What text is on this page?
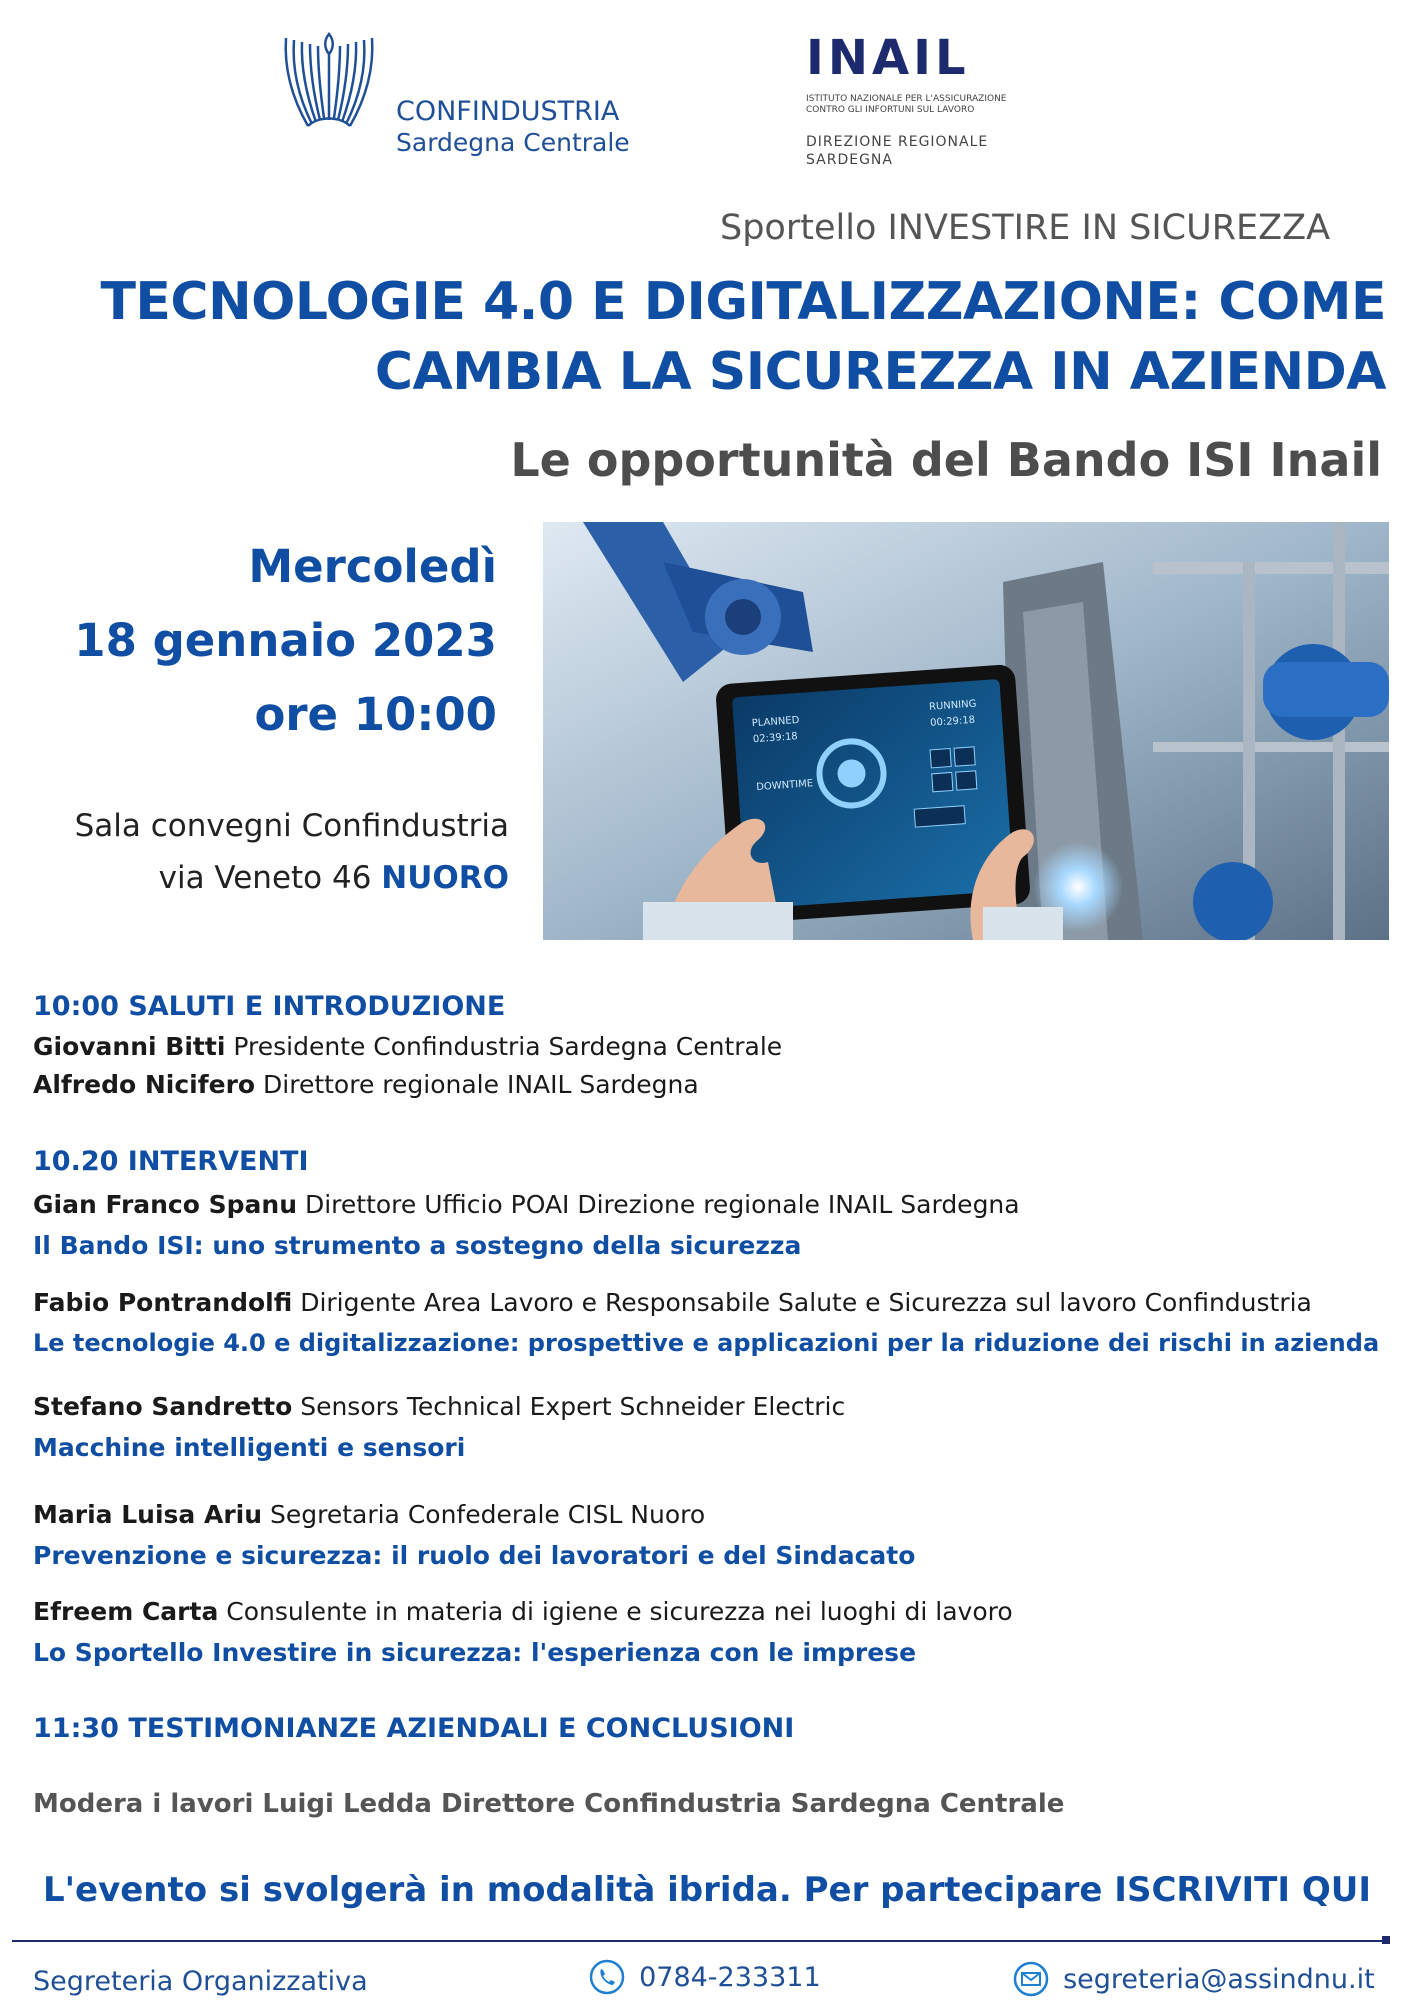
CONFINDUSTRIA
Sardegna Centrale
INAIL
ISTITUTO NAZIONALE PER L'ASSICURAZIONE
CONTRO GLI INFORTUNI SUL LAVORO
DIREZIONE REGIONALE
SARDEGNA
Sportello INVESTIRE IN SICUREZZA
TECNOLOGIE 4.0 E DIGITALIZZAZIONE: COME
CAMBIA LA SICUREZZA IN AZIENDA
Le opportunità del Bando ISI Inail
Mercoledì
18 gennaio 2023
ore 10:00
Sala convegni Confindustria
via Veneto 46 NUORO
PLANNED
02:39:18
RUNNING
00:29:18
DOWNTIME
10:00 SALUTI E INTRODUZIONE
Giovanni Bitti Presidente Confindustria Sardegna Centrale
Alfredo Nicifero Direttore regionale INAIL Sardegna
10.20 INTERVENTI
Gian Franco Spanu Direttore Ufficio POAI Direzione regionale INAIL Sardegna
Il Bando ISI: uno strumento a sostegno della sicurezza
Fabio Pontrandolfi Dirigente Area Lavoro e Responsabile Salute e Sicurezza sul lavoro Confindustria
Le tecnologie 4.0 e digitalizzazione: prospettive e applicazioni per la riduzione dei rischi in azienda
Stefano Sandretto Sensors Technical Expert Schneider Electric
Macchine intelligenti e sensori
Maria Luisa Ariu Segretaria Confederale CISL Nuoro
Prevenzione e sicurezza: il ruolo dei lavoratori e del Sindacato
Efreem Carta Consulente in materia di igiene e sicurezza nei luoghi di lavoro
Lo Sportello Investire in sicurezza: l'esperienza con le imprese
11:30 TESTIMONIANZE AZIENDALI E CONCLUSIONI
Modera i lavori Luigi Ledda Direttore Confindustria Sardegna Centrale
L'evento si svolgerà in modalità ibrida. Per partecipare ISCRIVITI QUI
Segreteria Organizzativa	0784-233311	segreteria@assindnu.it
